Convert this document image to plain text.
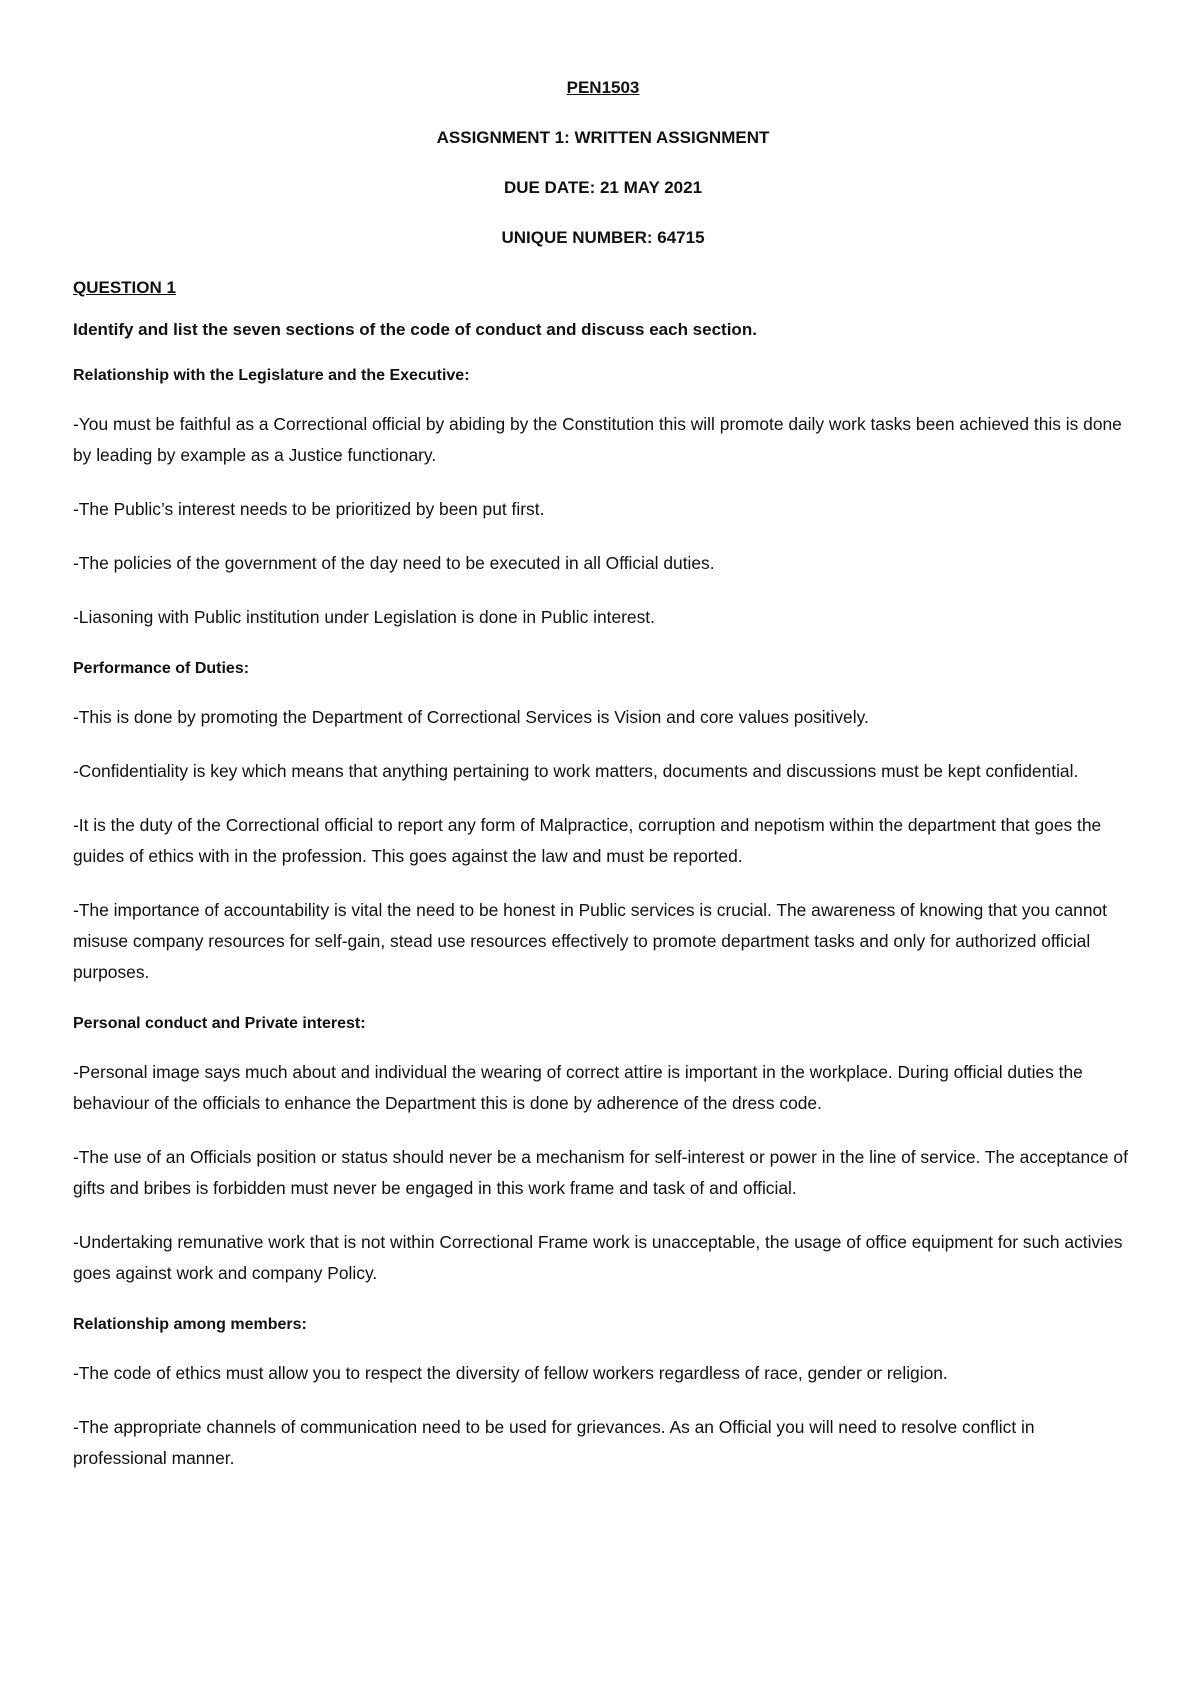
PEN1503

ASSIGNMENT 1: WRITTEN ASSIGNMENT

DUE DATE: 21 MAY 2021

UNIQUE NUMBER: 64715

QUESTION 1

Identify and list the seven sections of the code of conduct and discuss each section.

Relationship with the Legislature and the Executive:

-You must be faithful as a Correctional official by abiding by the Constitution this will promote daily work tasks been achieved this is done by leading by example as a Justice functionary.

-The Public’s interest needs to be prioritized by been put first.

-The policies of the government of the day need to be executed in all Official duties.

-Liasoning with Public institution under Legislation is done in Public interest.

Performance of Duties:

-This is done by promoting the Department of Correctional Services is Vision and core values positively.

-Confidentiality is key which means that anything pertaining to work matters, documents and discussions must be kept confidential.

-It is the duty of the Correctional official to report any form of Malpractice, corruption and nepotism within the department that goes the guides of ethics with in the profession. This goes against the law and must be reported.

-The importance of accountability is vital the need to be honest in Public services is crucial. The awareness of knowing that you cannot misuse company resources for self-gain, stead use resources effectively to promote department tasks and only for authorized official purposes.

Personal conduct and Private interest:

-Personal image says much about and individual the wearing of correct attire is important in the workplace. During official duties the behaviour of the officials to enhance the Department this is done by adherence of the dress code.

-The use of an Officials position or status should never be a mechanism for self-interest or power in the line of service. The acceptance of gifts and bribes is forbidden must never be engaged in this work frame and task of and official.

-Undertaking remunative work that is not within Correctional Frame work is unacceptable, the usage of office equipment for such activies goes against work and company Policy.

Relationship among members:

-The code of ethics must allow you to respect the diversity of fellow workers regardless of race, gender or religion.

-The appropriate channels of communication need to be used for grievances. As an Official you will need to resolve conflict in professional manner.
